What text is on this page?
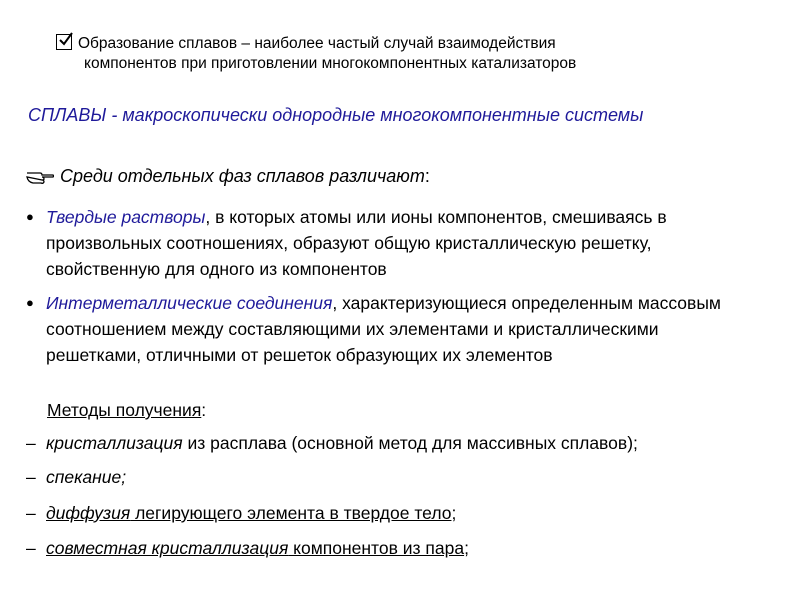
Образование сплавов – наиболее частый случай взаимодействия
компонентов при приготовлении многокомпонентных катализаторов
СПЛАВЫ - макроскопически однородные многокомпонентные системы
Среди отдельных фаз сплавов различают:
● Твердые растворы, в которых атомы или ионы компонентов, смешиваясь в
произвольных соотношениях, образуют общую кристаллическую решетку,
свойственную для одного из компонентов
● Интерметаллические соединения, характеризующиеся определенным массовым
соотношением между составляющими их элементами и кристаллическими
решетками, отличными от решеток образующих их элементов
Методы получения:
– кристаллизация из расплава (основной метод для массивных сплавов);
– спекание;
– диффузия легирующего элемента в твердое тело;
– совместная кристаллизация компонентов из пара;
